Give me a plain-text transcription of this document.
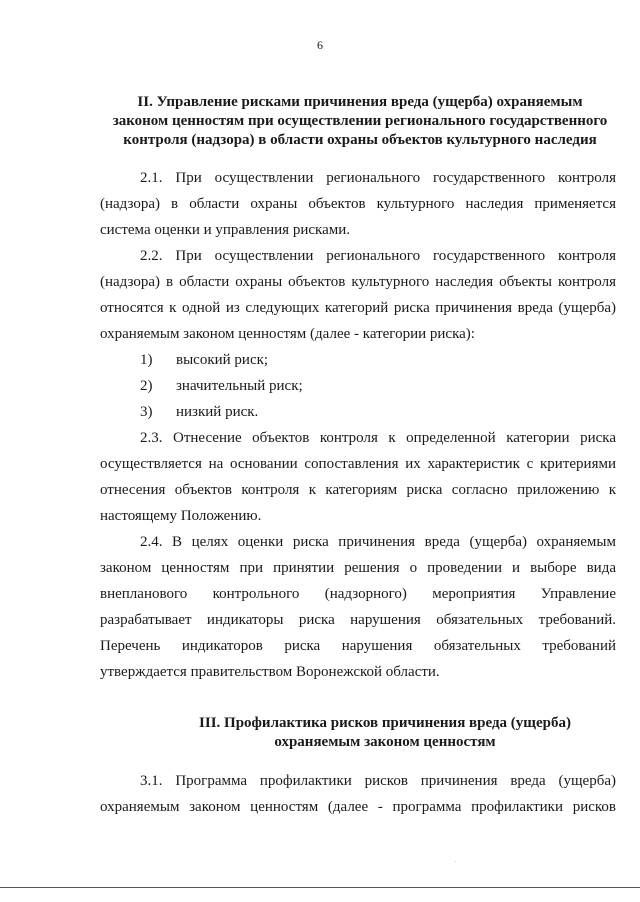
6
II. Управление рисками причинения вреда (ущерба) охраняемым
законом ценностям при осуществлении регионального государственного
контроля (надзора) в области охраны объектов культурного наследия

2.1. При осуществлении регионального государственного контроля
(надзора) в области охраны объектов культурного наследия применяется
система оценки и управления рисками.

2.2. При осуществлении регионального государственного контроля
(надзора) в области охраны объектов культурного наследия объекты контроля
относятся к одной из следующих категорий риска причинения вреда (ущерба)
охраняемым законом ценностям (далее - категории риска):

1)	высокий риск;
2)	значительный риск;
3)	низкий риск.

2.3. Отнесение объектов контроля к определенной категории риска
осуществляется на основании сопоставления их характеристик с критериями
отнесения объектов контроля к категориям риска согласно приложению к
настоящему Положению.

2.4. В целях оценки риска причинения вреда (ущерба) охраняемым
законом ценностям при принятии решения о проведении и выборе вида
внепланового контрольного (надзорного) мероприятия Управление
разрабатывает индикаторы риска нарушения обязательных требований.
Перечень индикаторов риска нарушения обязательных требований
утверждается правительством Воронежской области.

III. Профилактика рисков причинения вреда (ущерба)
охраняемым законом ценностям

3.1. Программа профилактики рисков причинения вреда (ущерба)
охраняемым законом ценностям (далее - программа профилактики рисков

.
